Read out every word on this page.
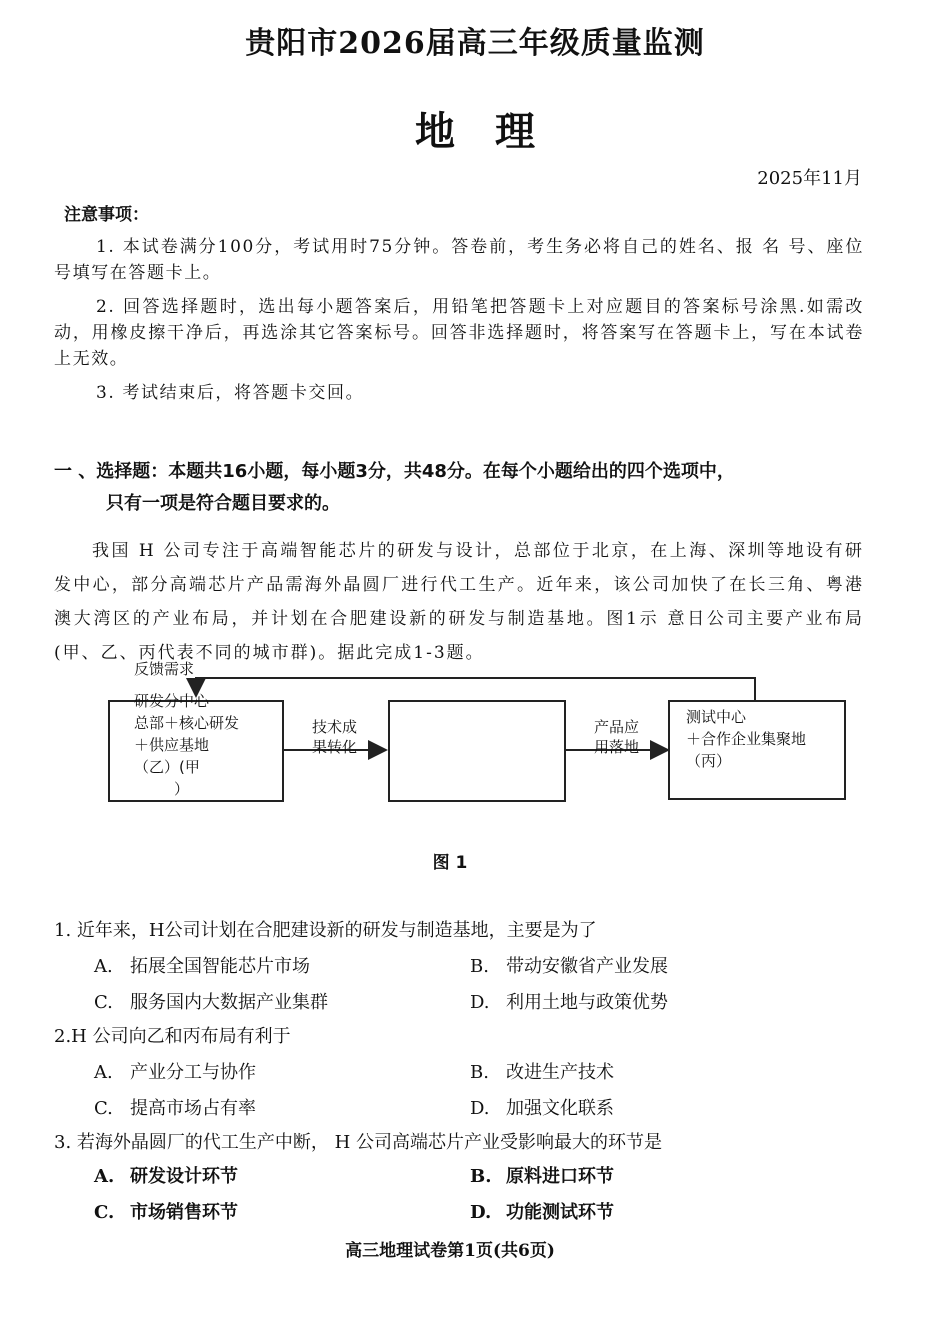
贵阳市2026届高三年级质量监测
地理
2025年11月
注意事项：
1. 本试卷满分100分，考试用时75分钟。答卷前，考生务必将自己的姓名、报 名 号、座位号填写在答题卡上。
2. 回答选择题时，选出每小题答案后，用铅笔把答题卡上对应题目的答案标号涂黑.如需改动，用橡皮擦干净后，再选涂其它答案标号。回答非选择题时，将答案写在答题卡上，写在本试卷上无效。
3. 考试结束后，将答题卡交回。
一 、选择题：本题共16小题，每小题3分，共48分。在每个小题给出的四个选项中，
只有一项是符合题目要求的。
我国 H 公司专注于高端智能芯片的研发与设计，总部位于北京，在上海、深圳等地设有研发中心，部分高端芯片产品需海外晶圆厂进行代工生产。近年来，该公司加快了在长三角、粤港澳大湾区的产业布局，并计划在合肥建设新的研发与制造基地。图1示 意日公司主要产业布局(甲、乙、丙代表不同的城市群)。据此完成1-3题。
反馈需求
研发分中心
总部＋核心研发
＋供应基地
（乙）(甲
）
技术成
果转化
产品应
用落地
测试中心
＋合作企业集聚地
（丙）
图 1
1. 近年来，H公司计划在合肥建设新的研发与制造基地，主要是为了
A. 拓展全国智能芯片市场	B. 带动安徽省产业发展
C. 服务国内大数据产业集群	D. 利用土地与政策优势
2.H 公司向乙和丙布局有利于
A. 产业分工与协作	B. 改进生产技术
C. 提高市场占有率	D. 加强文化联系
3. 若海外晶圆厂的代工生产中断， H 公司高端芯片产业受影响最大的环节是
A. 研发设计环节	B. 原料进口环节
C. 市场销售环节	D. 功能测试环节
高三地理试卷第1页(共6页)
